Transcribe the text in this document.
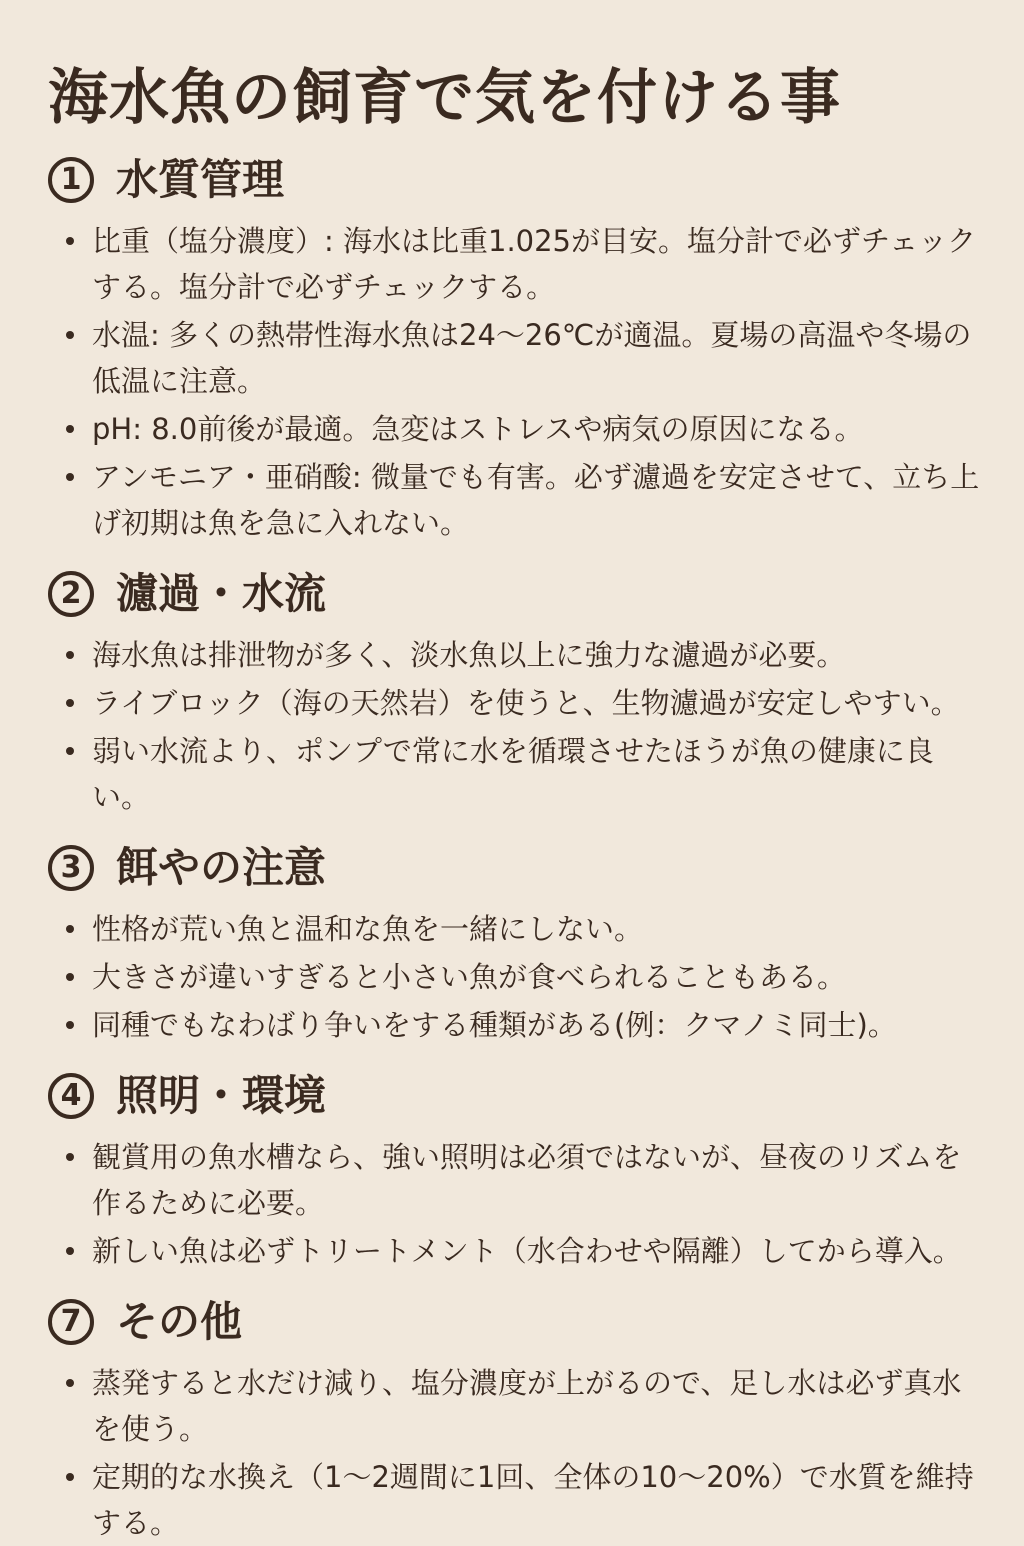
海水魚の飼育で気を付ける事
1 水質管理
比重（塩分濃度）: 海水は比重1.025が目安。塩分計で必ずチェックする。塩分計で必ずチェックする。
水温: 多くの熱帯性海水魚は24〜26℃が適温。夏場の高温や冬場の低温に注意。
pH: 8.0前後が最適。急変はストレスや病気の原因になる。
アンモニア・亜硝酸: 微量でも有害。必ず濾過を安定させて、立ち上げ初期は魚を急に入れない。
2 濾過・水流
海水魚は排泄物が多く、淡水魚以上に強力な濾過が必要。
ライブロック（海の天然岩）を使うと、生物濾過が安定しやすい。
弱い水流より、ポンプで常に水を循環させたほうが魚の健康に良い。
3 餌やの注意
性格が荒い魚と温和な魚を一緒にしない。
大きさが違いすぎると小さい魚が食べられることもある。
同種でもなわばり争いをする種類がある(例：クマノミ同士)。
4 照明・環境
観賞用の魚水槽なら、強い照明は必須ではないが、昼夜のリズムを作るために必要。
新しい魚は必ずトリートメント（水合わせや隔離）してから導入。
7 その他
蒸発すると水だけ減り、塩分濃度が上がるので、足し水は必ず真水を使う。
定期的な水換え（1〜2週間に1回、全体の10〜20%）で水質を維持する。
